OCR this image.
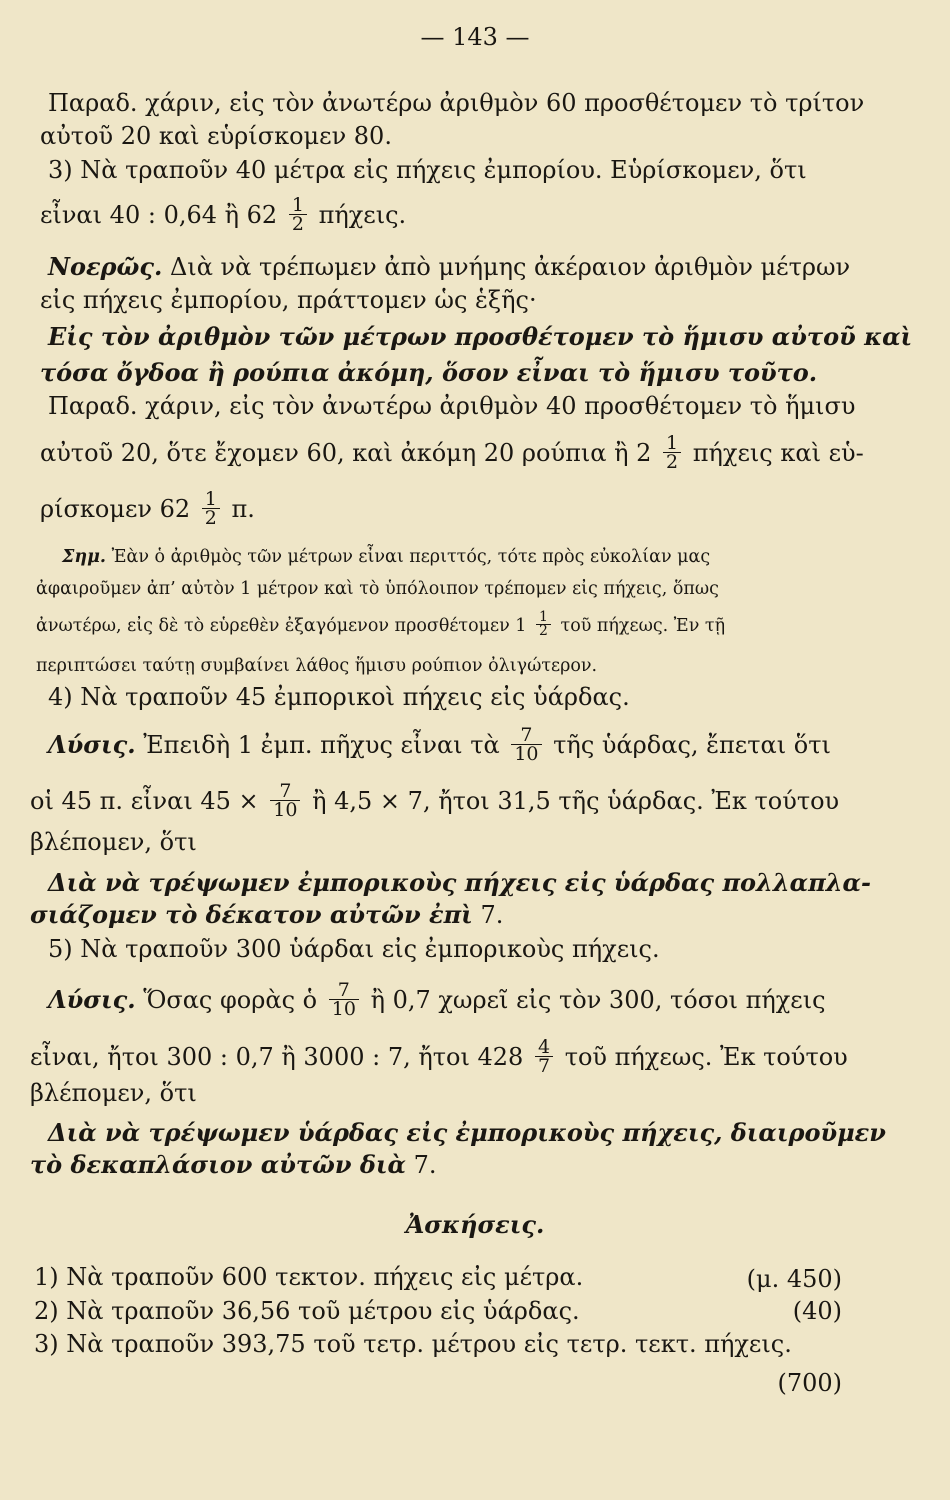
— 143 —
Παραδ. χάριν, εἰς τὸν ἀνωτέρω ἀριθμὸν 60 προσθέτομεν τὸ τρίτον
αὐτοῦ 20 καὶ εὑρίσκομεν 80.
3) Νὰ τραποῦν 40 μέτρα εἰς πήχεις ἐμπορίου. Εὑρίσκομεν, ὅτι
εἶναι 40 : 0,64 ἢ $62 \frac{1}{2} \pi ή\chi\varepsilon\iota\varsigma$.
Νοερῶς. Διὰ νὰ τρέπωμεν ἀπὸ μνήμης ἀκέραιον ἀριθμὸν μέτρων
εἰς πήχεις ἐμπορίου, πράττομεν ὡς ἑξῆς·
Εἰς τὸν ἀριθμὸν τῶν μέτρων προσθέτομεν τὸ ἥμισυ αὐτοῦ καὶ
τόσα ὄγδοα ἢ ρούπια ἀκόμη, ὅσον εἶναι τὸ ἥμισυ τοῦτο.
Παραδ. χάριν, εἰς τὸν ἀνωτέρω ἀριθμὸν 40 προσθέτομεν τὸ ἥμισυ
αὐτοῦ 20, ὅτε ἔχομεν 60, καὶ ἀκόμη 20 ρούπια ἢ $2 \frac{1}{2}$ πήχεις καὶ εὑ-
ρίσκομεν $62 \frac{1}{2} \pi$.
Σημ. Ἐὰν ὁ ἀριθμὸς τῶν μέτρων εἶναι περιττός, τότε πρὸς εὐκολίαν μας
ἀφαιροῦμεν ἀπ’ αὐτὸν 1 μέτρον καὶ τὸ ὑπόλοιπον τρέπομεν εἰς πήχεις, ὅπως
ἀνωτέρω, εἰς δὲ τὸ εὑρεθὲν ἐξαγόμενον προσθέτομεν $1 \frac{1}{2}$ τοῦ πήχεως. Ἐν τῇ
περιπτώσει ταύτῃ συμβαίνει λάθος ἥμισυ ρούπιον ὀλιγώτερον.
4) Νὰ τραποῦν 45 ἐμπορικοὶ πήχεις εἰς ὑάρδας.
Λύσις. Ἐπειδὴ 1 ἐμπ. πῆχυς εἶναι τὰ $\frac{7}{10}$ τῆς ὑάρδας, ἔπεται ὅτι
οἱ 45 π. εἶναι $45 \times \frac{7}{10}$ ἢ 4,5 × 7, ἤτοι 31,5 τῆς ὑάρδας. Ἐκ τούτου
βλέπομεν, ὅτι
Διὰ νὰ τρέψωμεν ἐμπορικοὺς πήχεις εἰς ὑάρδας πολλαπλα-
σιάζομεν τὸ δέκατον αὐτῶν ἐπὶ 7.
5) Νὰ τραποῦν 300 ὑάρδαι εἰς ἐμπορικοὺς πήχεις.
Λύσις. Ὅσας φορὰς ὁ $\frac{7}{10}$ ἢ 0,7 χωρεῖ εἰς τὸν 300, τόσοι πήχεις
εἶναι, ἤτοι 300 : 0,7 ἢ 3000 : 7, ἤτοι $428 \frac{4}{7}$ τοῦ πήχεως. Ἐκ τούτου
βλέπομεν, ὅτι
Διὰ νὰ τρέψωμεν ὑάρδας εἰς ἐμπορικοὺς πήχεις, διαιροῦμεν
τὸ δεκαπλάσιον αὐτῶν διὰ 7.
Ἀσκήσεις.
1) Νὰ τραποῦν 600 τεκτον. πήχεις εἰς μέτρα.	(μ. 450)
2) Νὰ τραποῦν 36,56 τοῦ μέτρου εἰς ὑάρδας.	(40)
3) Νὰ τραποῦν 393,75 τοῦ τετρ. μέτρου εἰς τετρ. τεκτ. πήχεις.
(700)
